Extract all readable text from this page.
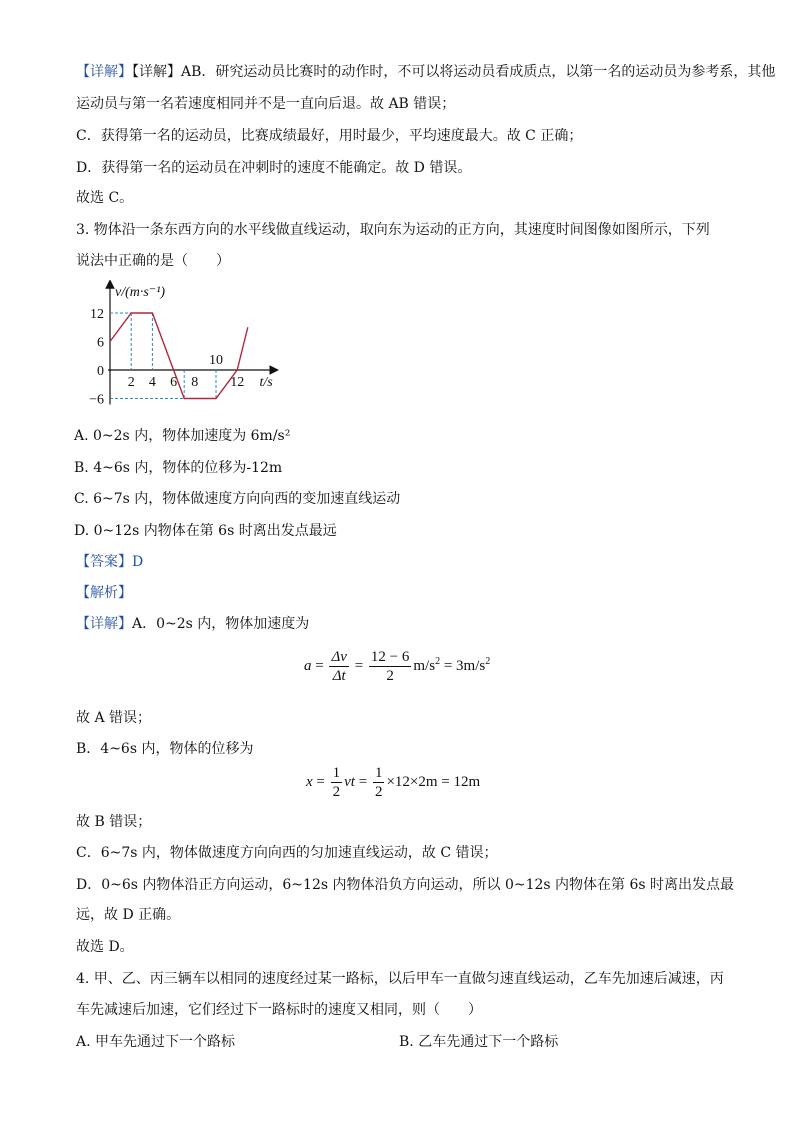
【详解】【详解】AB．研究运动员比赛时的动作时，不可以将运动员看成质点，以第一名的运动员为参考系，其他
运动员与第一名若速度相同并不是一直向后退。故 AB 错误；
C．获得第一名的运动员，比赛成绩最好，用时最少，平均速度最大。故 C 正确；
D．获得第一名的运动员在冲刺时的速度不能确定。故 D 错误。
故选 C。
3. 物体沿一条东西方向的水平线做直线运动，取向东为运动的正方向，其速度时间图像如图所示，下列
说法中正确的是（　　）
12
6
0
−6
2 4 6 8
10
12
v/(m·s⁻¹)
t/s
A. 0~2s 内，物体加速度为 6m/s²
B. 4~6s 内，物体的位移为-12m
C. 6~7s 内，物体做速度方向向西的变加速直线运动
D. 0~12s 内物体在第 6s 时离出发点最远
【答案】D
【解析】
【详解】A．0~2s 内，物体加速度为
$a = \frac{\Delta v}{\Delta t} = \frac{12 - 6}{2} m/s^2 = 3m/s^2$
故 A 错误；
B．4~6s 内，物体的位移为
$x = \frac{1}{2}$ vt = $\frac{1}{2} \times 12\times 2m = 12m$
故 B 错误；
C．6~7s 内，物体做速度方向向西的匀加速直线运动，故 C 错误；
D．0~6s 内物体沿正方向运动，6~12s 内物体沿负方向运动，所以 0~12s 内物体在第 6s 时离出发点最
远，故 D 正确。
故选 D。
4. 甲、乙、丙三辆车以相同的速度经过某一路标，以后甲车一直做匀速直线运动，乙车先加速后减速，丙
车先减速后加速，它们经过下一路标时的速度又相同，则（　　）
A. 甲车先通过下一个路标	B. 乙车先通过下一个路标
